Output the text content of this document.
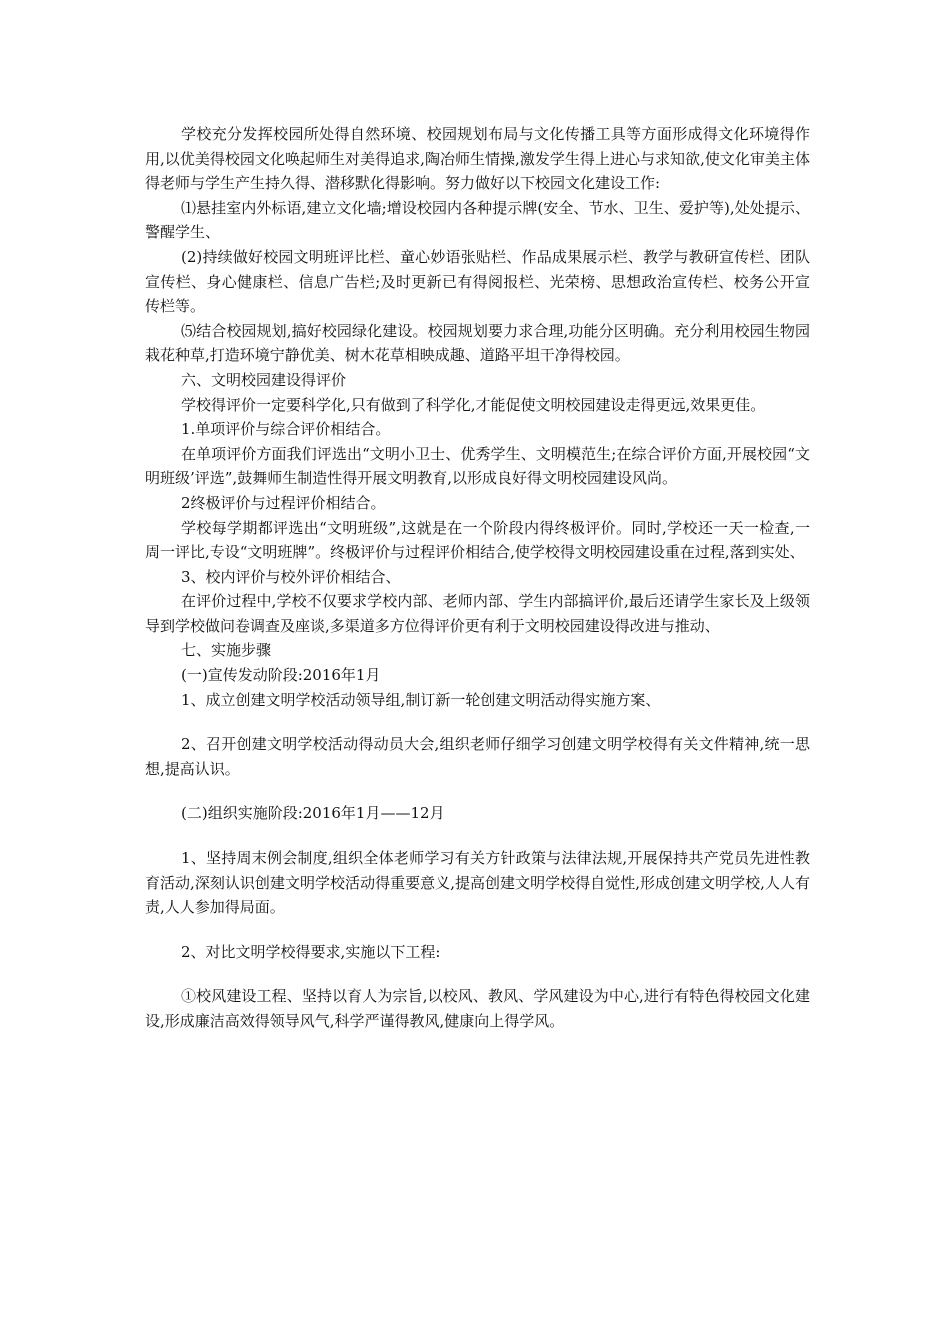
学校充分发挥校园所处得自然环境、校园规划布局与文化传播工具等方面形成得文化环境得作用,以优美得校园文化唤起师生对美得追求,陶冶师生情操,激发学生得上进心与求知欲,使文化审美主体得老师与学生产生持久得、潜移默化得影响。努力做好以下校园文化建设工作:

⑴悬挂室内外标语,建立文化墙;增设校园内各种提示牌(安全、节水、卫生、爱护等),处处提示、警醒学生、

(2)持续做好校园文明班评比栏、童心妙语张贴栏、作品成果展示栏、教学与教研宣传栏、团队宣传栏、身心健康栏、信息广告栏;及时更新已有得阅报栏、光荣榜、思想政治宣传栏、校务公开宣传栏等。

⑸结合校园规划,搞好校园绿化建设。校园规划要力求合理,功能分区明确。充分利用校园生物园栽花种草,打造环境宁静优美、树木花草相映成趣、道路平坦干净得校园。

六、文明校园建设得评价

学校得评价一定要科学化,只有做到了科学化,才能促使文明校园建设走得更远,效果更佳。

1.单项评价与综合评价相结合。

在单项评价方面我们评选出“文明小卫士、优秀学生、文明模范生;在综合评价方面,开展校园“文明班级’评选”,鼓舞师生制造性得开展文明教育,以形成良好得文明校园建设风尚。

2终极评价与过程评价相结合。

学校每学期都评选出“文明班级”,这就是在一个阶段内得终极评价。同时,学校还一天一检查,一周一评比,专设“文明班牌”。终极评价与过程评价相结合,使学校得文明校园建设重在过程,落到实处、

3、校内评价与校外评价相结合、

在评价过程中,学校不仅要求学校内部、老师内部、学生内部搞评价,最后还请学生家长及上级领导到学校做问卷调查及座谈,多渠道多方位得评价更有利于文明校园建设得改进与推动、

七、实施步骤

(一)宣传发动阶段:2016年1月

1、成立创建文明学校活动领导组,制订新一轮创建文明活动得实施方案、

2、召开创建文明学校活动得动员大会,组织老师仔细学习创建文明学校得有关文件精神,统一思想,提高认识。

(二)组织实施阶段:2016年1月——12月

1、坚持周末例会制度,组织全体老师学习有关方针政策与法律法规,开展保持共产党员先进性教育活动,深刻认识创建文明学校活动得重要意义,提高创建文明学校得自觉性,形成创建文明学校,人人有责,人人参加得局面。

2、对比文明学校得要求,实施以下工程:

①校风建设工程、坚持以育人为宗旨,以校风、教风、学风建设为中心,进行有特色得校园文化建设,形成廉洁高效得领导风气,科学严谨得教风,健康向上得学风。
